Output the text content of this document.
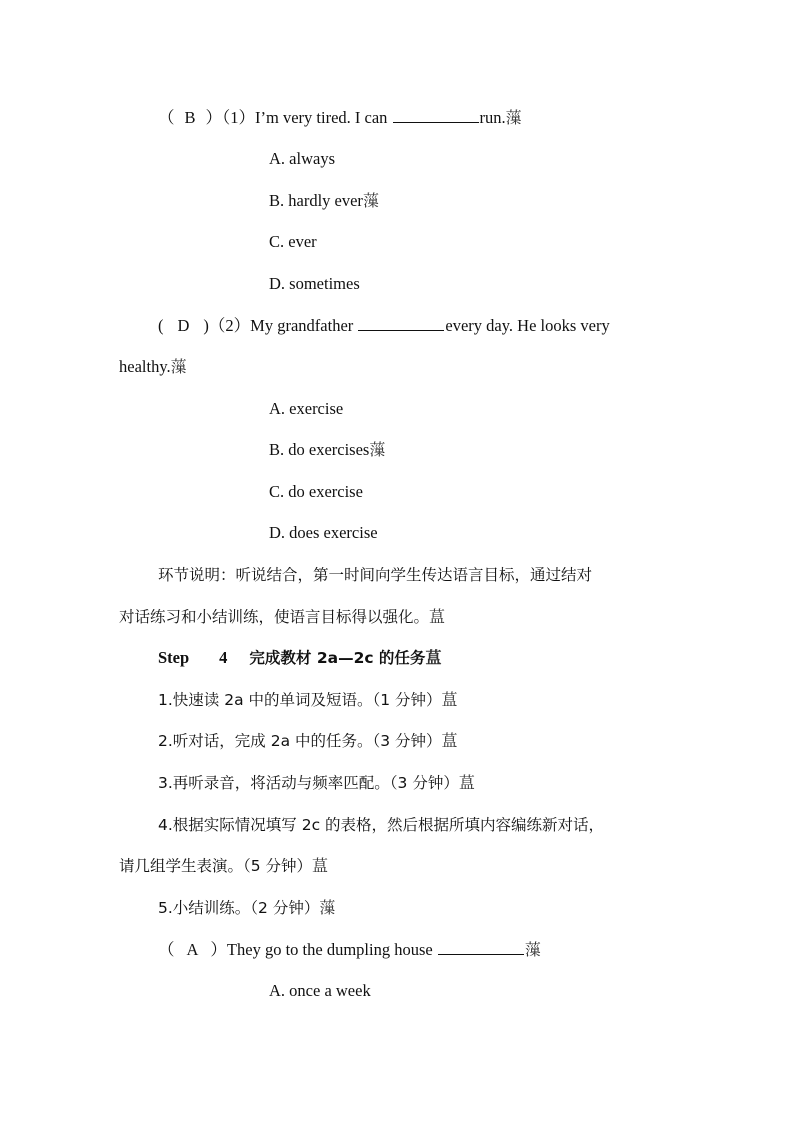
（ B ）（1）I’m very tired. I can	run.薻
A. always
B. hardly ever薻
C. ever
D. sometimes
( D )（2）My grandfather	every day. He looks very
healthy.薻
A. exercise
B. do exercises薻
C. do exercise
D. does exercise
环节说明：听说结合，第一时间向学生传达语言目标，通过结对
对话练习和小结训练，使语言目标得以强化。蒀
Step 4 完成教材 2a—2c 的任务蒀
1.快速读 2a 中的单词及短语。（1 分钟）蒀
2.听对话，完成 2a 中的任务。（3 分钟）蒀
3.再听录音，将活动与频率匹配。（3 分钟）蒀
4.根据实际情况填写 2c 的表格，然后根据所填内容编练新对话，
请几组学生表演。（5 分钟）蒀
5.小结训练。（2 分钟）薻
（ A ）They go to the dumpling house	薻
A. once a week
